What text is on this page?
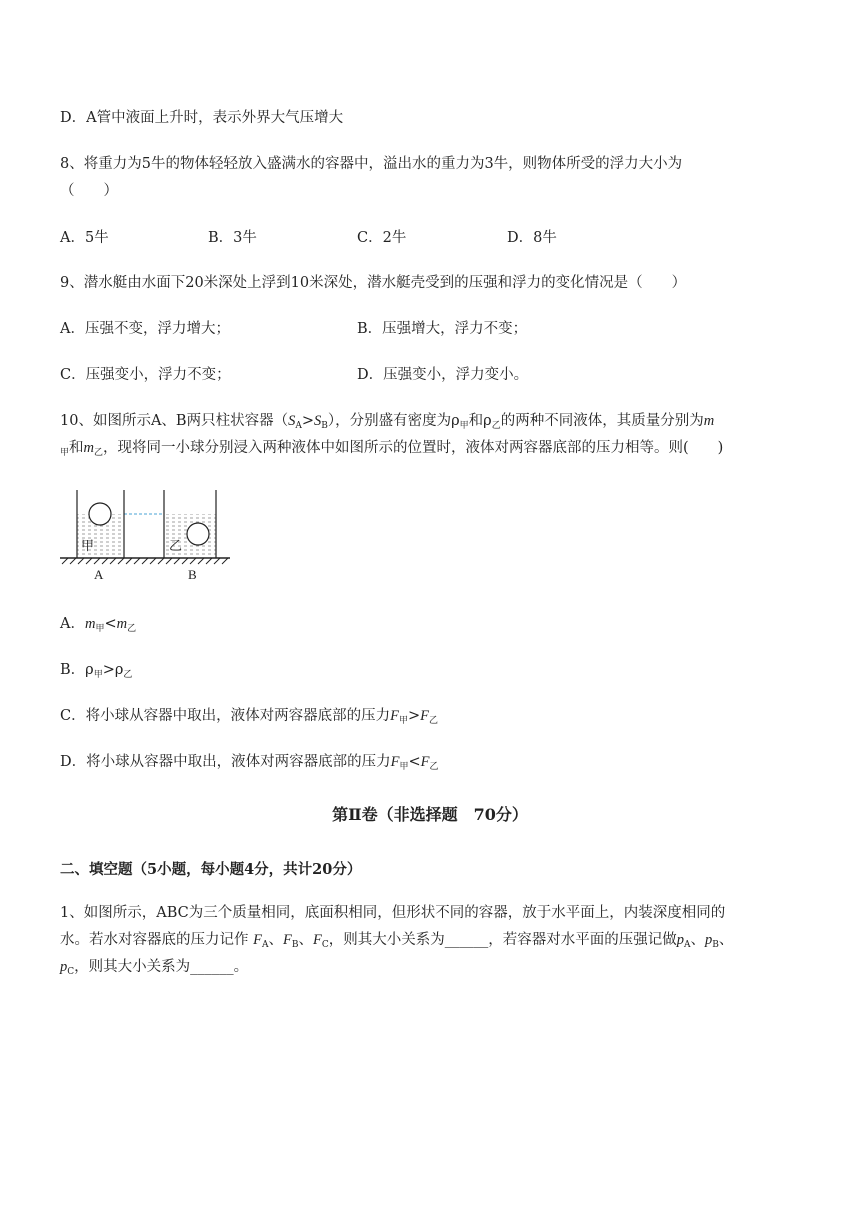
D．A管中液面上升时，表示外界大气压增大
8、将重力为5牛的物体轻轻放入盛满水的容器中，溢出水的重力为3牛，则物体所受的浮力大小为
（　　）
A．5牛	B．3牛	C．2牛	D．8牛
9、潜水艇由水面下20米深处上浮到10米深处，潜水艇壳受到的压强和浮力的变化情况是（　　）
A．压强不变，浮力增大；	B．压强增大，浮力不变；
C．压强变小，浮力不变；	D．压强变小，浮力变小。
10、如图所示A、B两只柱状容器$(S_A>S_B)$，分别盛有密度为$\rho_甲$和$\rho_乙$的两种不同液体，其质量分别为m
$_甲$和$m_乙$，现将同一小球分别浸入两种液体中如图所示的位置时，液体对两容器底部的压力相等。则(　　)
甲	乙
A	B
A．$m_甲<m_乙$
B．$\rho_甲>\rho_乙$
C．将小球从容器中取出，液体对两容器底部的压力$F_甲>F_乙$
D．将小球从容器中取出，液体对两容器底部的压力$F_甲<F_乙$
第Ⅱ卷（非选择题　70分）
二、填空题（5小题，每小题4分，共计20分）
1、如图所示，ABC为三个质量相同，底面积相同，但形状不同的容器，放于水平面上，内装深度相同的
水。若水对容器底的压力记作 $F_A$、$F_B$、$F_C$，则其大小关系为______，若容器对水平面的压强记做$p_A$、$p_B$、
$p_C$，则其大小关系为______。
